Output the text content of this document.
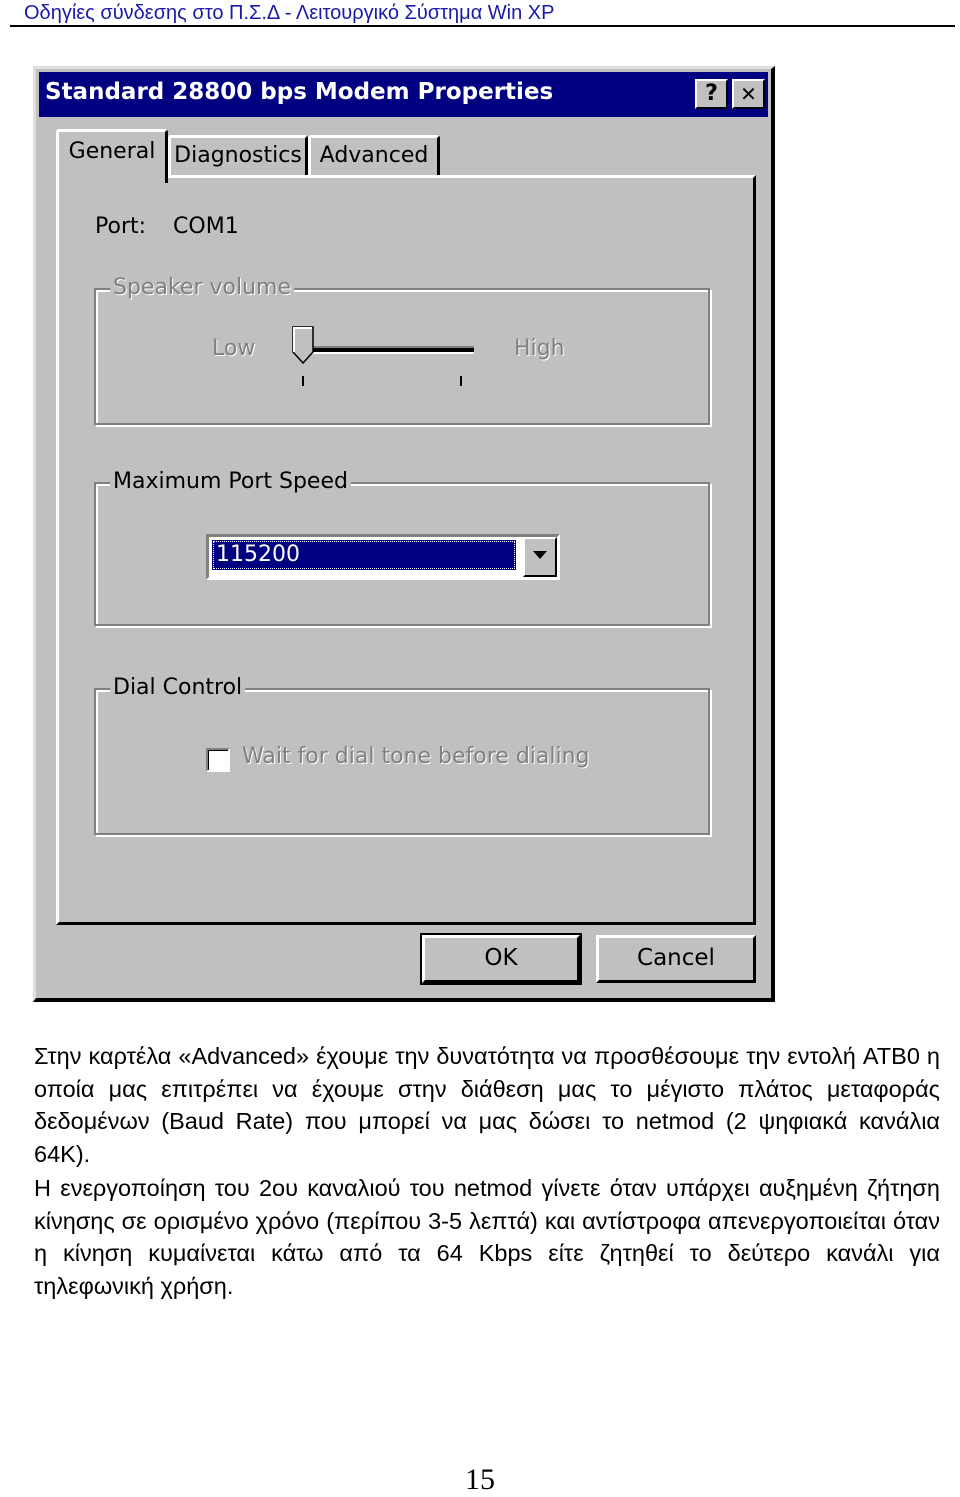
Οδηγίες σύνδεσης στο Π.Σ.Δ - Λειτουργικό Σύστημα Win XP
Standard 28800 bps Modem Properties	?	✕
General Diagnostics Advanced
Port: COM1
Speaker volume
Low	High
Maximum Port Speed
115200
Dial Control
Wait for dial tone before dialing
OK	Cancel
Στην καρτέλα «Advanced» έχουμε την δυνατότητα να προσθέσουμε την εντολή ATB0 η οποία μας επιτρέπει να έχουμε στην διάθεση μας το μέγιστο πλάτος μεταφοράς δεδομένων (Baud Rate) που μπορεί να μας δώσει το netmod (2 ψηφιακά κανάλια 64K).
Η ενεργοποίηση του 2ου καναλιού του netmod γίνετε όταν υπάρχει αυξημένη ζήτηση κίνησης σε ορισμένο χρόνο (περίπου 3-5 λεπτά) και αντίστροφα απενεργοποιείται όταν η κίνηση κυμαίνεται κάτω από τα 64 Kbps είτε ζητηθεί το δεύτερο κανάλι για τηλεφωνική χρήση.
15
